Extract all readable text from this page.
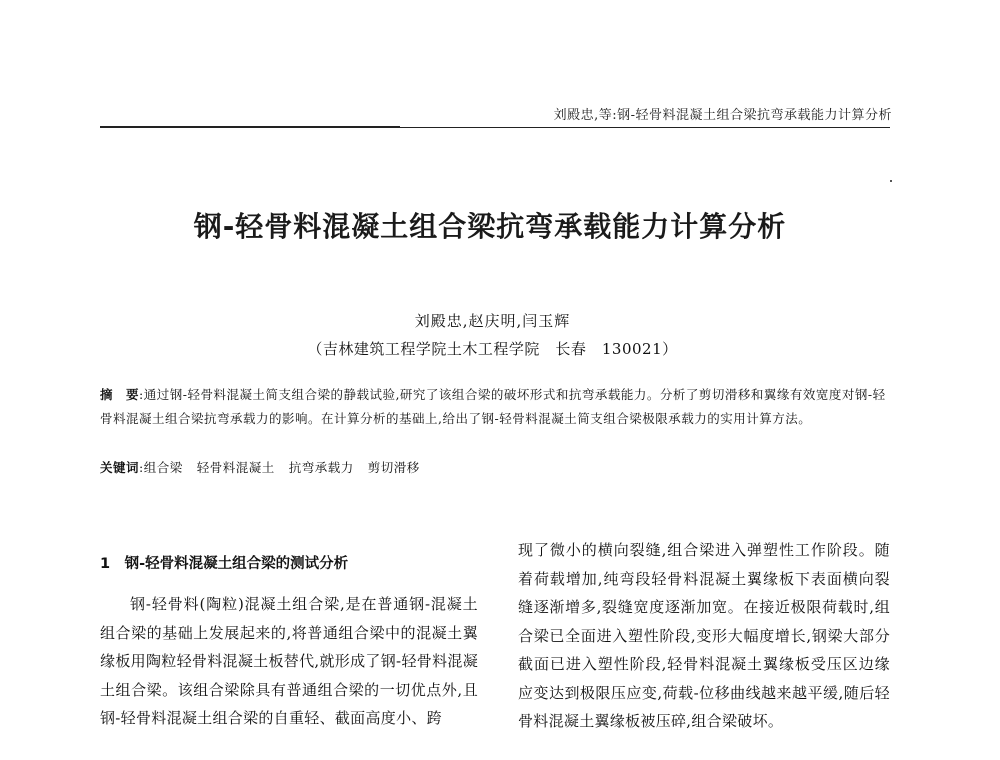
刘殿忠,等:钢-轻骨料混凝土组合梁抗弯承载能力计算分析
钢-轻骨料混凝土组合梁抗弯承载能力计算分析
刘殿忠,赵庆明,闫玉辉
（吉林建筑工程学院土木工程学院　长春　130021）
摘　要:通过钢-轻骨料混凝土简支组合梁的静载试验,研究了该组合梁的破坏形式和抗弯承载能力。分析了剪切滑移和翼缘有效宽度对钢-轻骨料混凝土组合梁抗弯承载力的影响。在计算分析的基础上,给出了钢-轻骨料混凝土简支组合梁极限承载力的实用计算方法。
关键词:组合梁 轻骨料混凝土 抗弯承载力 剪切滑移
1　钢-轻骨料混凝土组合梁的测试分析
钢-轻骨料(陶粒)混凝土组合梁,是在普通钢-混凝土组合梁的基础上发展起来的,将普通组合梁中的混凝土翼缘板用陶粒轻骨料混凝土板替代,就形成了钢-轻骨料混凝土组合梁。该组合梁除具有普通组合梁的一切优点外,且钢-轻骨料混凝土组合梁的自重轻、截面高度小、跨
现了微小的横向裂缝,组合梁进入弹塑性工作阶段。随着荷载增加,纯弯段轻骨料混凝土翼缘板下表面横向裂缝逐渐增多,裂缝宽度逐渐加宽。在接近极限荷载时,组合梁已全面进入塑性阶段,变形大幅度增长,钢梁大部分截面已进入塑性阶段,轻骨料混凝土翼缘板受压区边缘应变达到极限压应变,荷载-位移曲线越来越平缓,随后轻骨料混凝土翼缘板被压碎,组合梁破坏。
